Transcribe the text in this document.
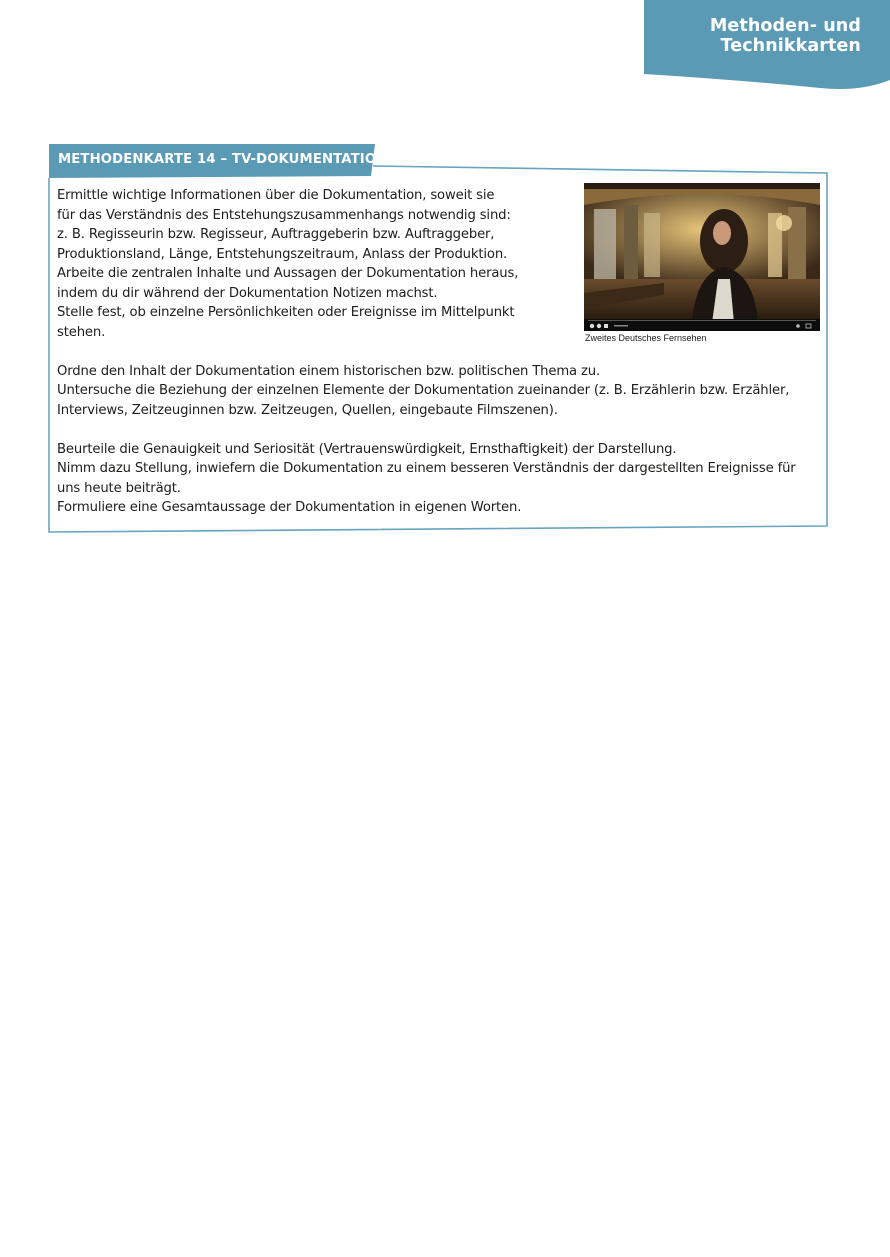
Methoden- und
Technikkarten
METHODENKARTE 14 – TV-DOKUMENTATION
Zweites Deutsches Fernsehen
Ermittle wichtige Informationen über die Dokumentation, soweit sie
für das Verständnis des Entstehungszusammenhangs notwendig sind:
z. B. Regisseurin bzw. Regisseur, Auftraggeberin bzw. Auftraggeber,
Produktionsland, Länge, Entstehungszeitraum, Anlass der Produktion.
Arbeite die zentralen Inhalte und Aussagen der Dokumentation heraus,
indem du dir während der Dokumentation Notizen machst.
Stelle fest, ob einzelne Persönlichkeiten oder Ereignisse im Mittelpunkt
stehen.
Ordne den Inhalt der Dokumentation einem historischen bzw. politischen Thema zu.
Untersuche die Beziehung der einzelnen Elemente der Dokumentation zueinander (z. B. Erzählerin bzw. Erzähler,
Interviews, Zeitzeuginnen bzw. Zeitzeugen, Quellen, eingebaute Filmszenen).
Beurteile die Genauigkeit und Seriosität (Vertrauenswürdigkeit, Ernsthaftigkeit) der Darstellung.
Nimm dazu Stellung, inwiefern die Dokumentation zu einem besseren Verständnis der dargestellten Ereignisse für
uns heute beiträgt.
Formuliere eine Gesamtaussage der Dokumentation in eigenen Worten.
